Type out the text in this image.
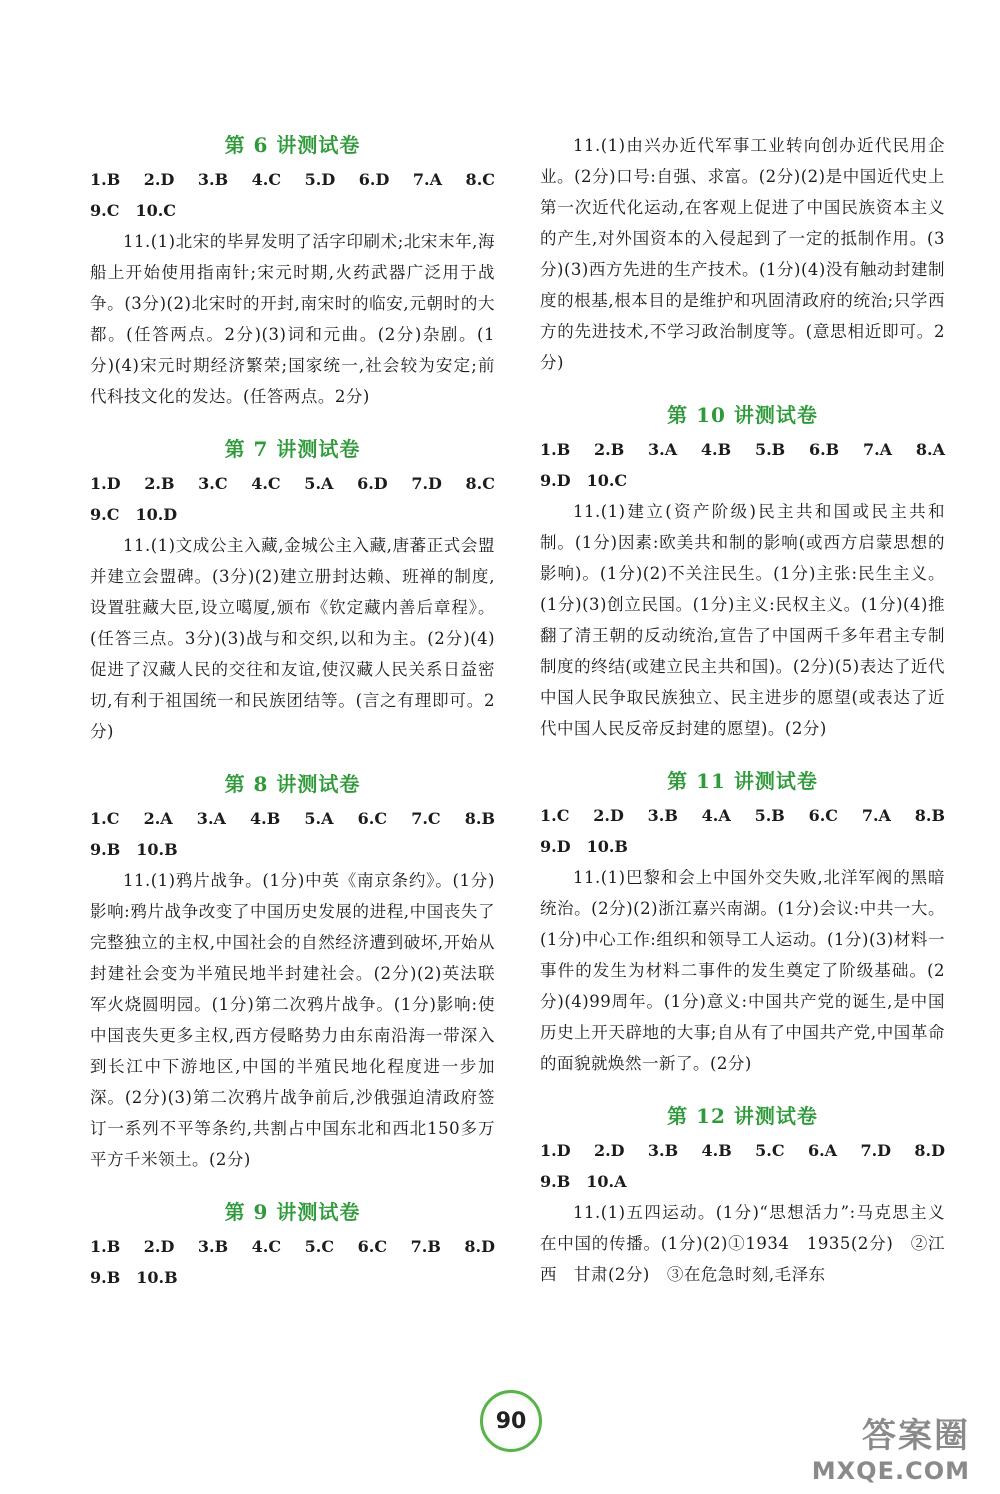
第 6 讲测试卷
1.B　2.D　3.B　4.C　5.D　6.D　7.A　8.C
9.C　10.C
11.(1)北宋的毕昇发明了活字印刷术;北宋末年,海船上开始使用指南针;宋元时期,火药武器广泛用于战争。(3分)(2)北宋时的开封,南宋时的临安,元朝时的大都。(任答两点。2分)(3)词和元曲。(2分)杂剧。(1分)(4)宋元时期经济繁荣;国家统一,社会较为安定;前代科技文化的发达。(任答两点。2分)
第 7 讲测试卷
1.D　2.B　3.C　4.C　5.A　6.D　7.D　8.C
9.C　10.D
11.(1)文成公主入藏,金城公主入藏,唐蕃正式会盟并建立会盟碑。(3分)(2)建立册封达赖、班禅的制度,设置驻藏大臣,设立噶厦,颁布《钦定藏内善后章程》。(任答三点。3分)(3)战与和交织,以和为主。(2分)(4)促进了汉藏人民的交往和友谊,使汉藏人民关系日益密切,有利于祖国统一和民族团结等。(言之有理即可。2分)
第 8 讲测试卷
1.C　2.A　3.A　4.B　5.A　6.C　7.C　8.B
9.B　10.B
11.(1)鸦片战争。(1分)中英《南京条约》。(1分)影响:鸦片战争改变了中国历史发展的进程,中国丧失了完整独立的主权,中国社会的自然经济遭到破坏,开始从封建社会变为半殖民地半封建社会。(2分)(2)英法联军火烧圆明园。(1分)第二次鸦片战争。(1分)影响:使中国丧失更多主权,西方侵略势力由东南沿海一带深入到长江中下游地区,中国的半殖民地化程度进一步加深。(2分)(3)第二次鸦片战争前后,沙俄强迫清政府签订一系列不平等条约,共割占中国东北和西北150多万平方千米领土。(2分)
第 9 讲测试卷
1.B　2.D　3.B　4.C　5.C　6.C　7.B　8.D
9.B　10.B
11.(1)由兴办近代军事工业转向创办近代民用企业。(2分)口号:自强、求富。(2分)(2)是中国近代史上第一次近代化运动,在客观上促进了中国民族资本主义的产生,对外国资本的入侵起到了一定的抵制作用。(3分)(3)西方先进的生产技术。(1分)(4)没有触动封建制度的根基,根本目的是维护和巩固清政府的统治;只学西方的先进技术,不学习政治制度等。(意思相近即可。2分)
第 10 讲测试卷
1.B　2.B　3.A　4.B　5.B　6.B　7.A　8.A
9.D　10.C
11.(1)建立(资产阶级)民主共和国或民主共和制。(1分)因素:欧美共和制的影响(或西方启蒙思想的影响)。(1分)(2)不关注民生。(1分)主张:民生主义。(1分)(3)创立民国。(1分)主义:民权主义。(1分)(4)推翻了清王朝的反动统治,宣告了中国两千多年君主专制制度的终结(或建立民主共和国)。(2分)(5)表达了近代中国人民争取民族独立、民主进步的愿望(或表达了近代中国人民反帝反封建的愿望)。(2分)
第 11 讲测试卷
1.C　2.D　3.B　4.A　5.B　6.C　7.A　8.B
9.D　10.B
11.(1)巴黎和会上中国外交失败,北洋军阀的黑暗统治。(2分)(2)浙江嘉兴南湖。(1分)会议:中共一大。(1分)中心工作:组织和领导工人运动。(1分)(3)材料一事件的发生为材料二事件的发生奠定了阶级基础。(2分)(4)99周年。(1分)意义:中国共产党的诞生,是中国历史上开天辟地的大事;自从有了中国共产党,中国革命的面貌就焕然一新了。(2分)
第 12 讲测试卷
1.D　2.D　3.B　4.B　5.C　6.A　7.D　8.D
9.B　10.A
11.(1)五四运动。(1分)“思想活力”:马克思主义在中国的传播。(1分)(2)①1934　1935(2分)　②江西　甘肃(2分)　③在危急时刻,毛泽东
90	答案圈
MXQE.COM
